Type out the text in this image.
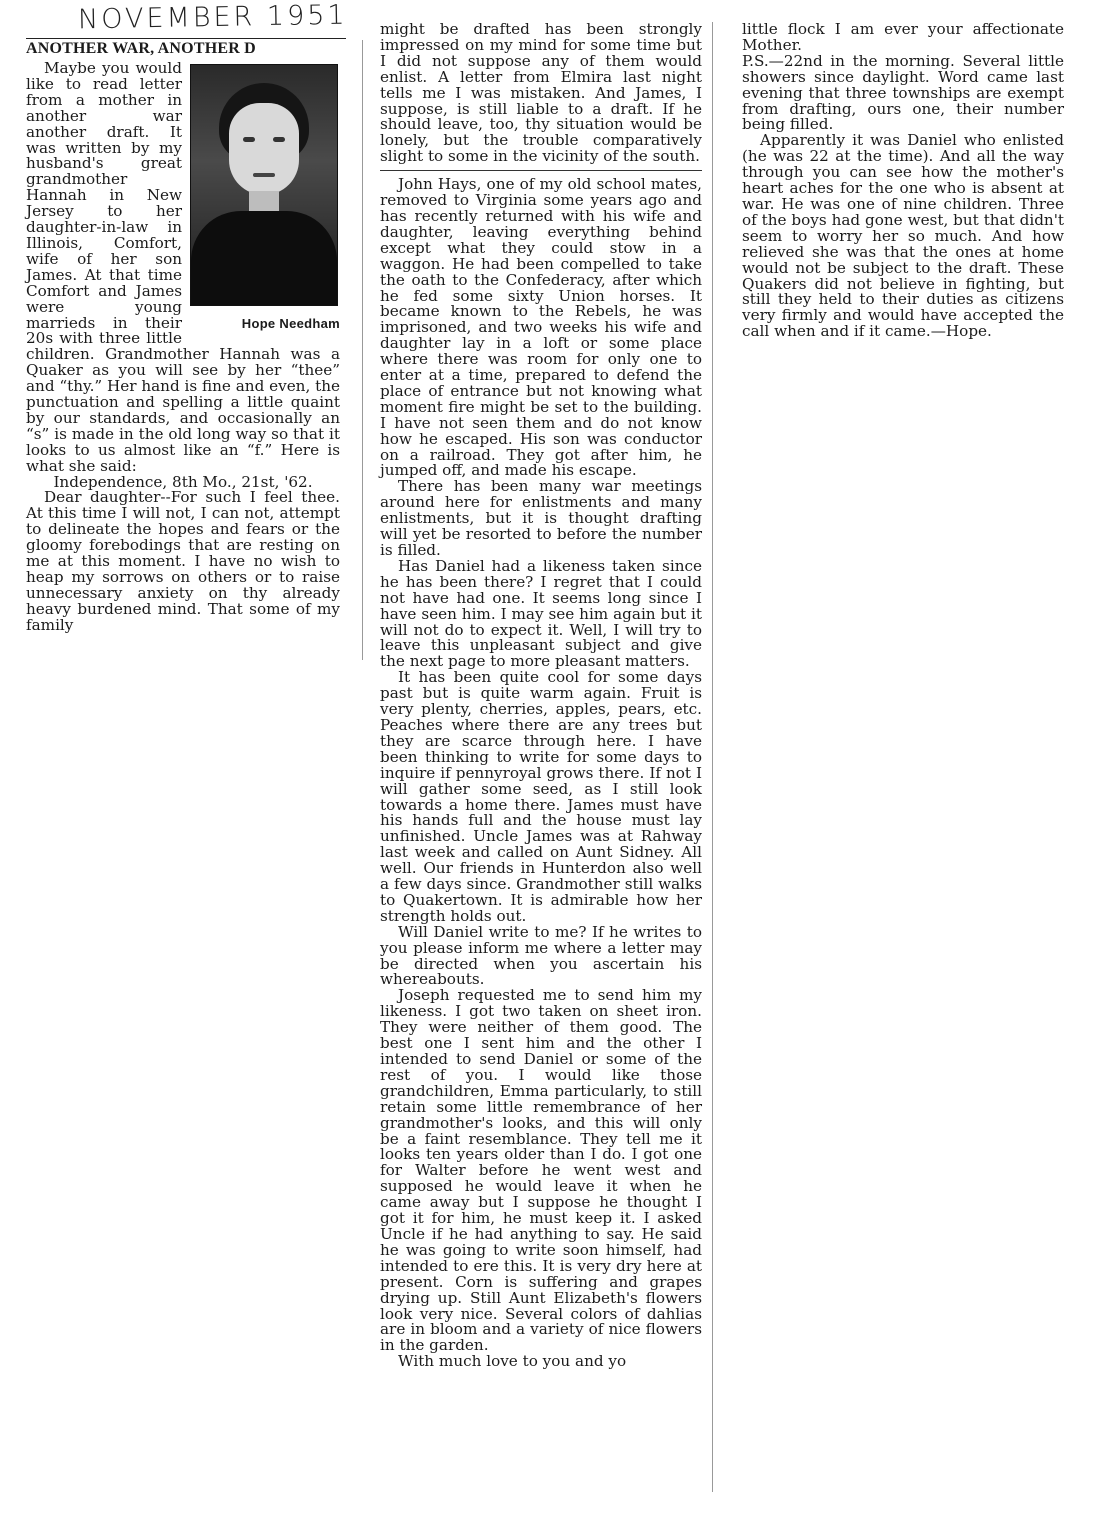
NOVEMBER 1951
ANOTHER WAR, ANOTHER D
Hope Needham

Maybe you would like to read letter from a mother in another war another draft. It was written by my husband's great grandmother Hannah in New Jersey to her daughter-in-law in Illinois, Comfort, wife of her son James. At that time Comfort and James were young marrieds in their 20s with three little children. Grandmother Hannah was a Quaker as you will see by her “thee” and “thy.” Her hand is fine and even, the punctuation and spelling a little quaint by our standards, and occasionally an “s” is made in the old long way so that it looks to us almost like an “f.” Here is what she said:

Independence, 8th Mo., 21st, '62.

Dear daughter--For such I feel thee. At this time I will not, I can not, attempt to delineate the hopes and fears or the gloomy forebodings that are resting on me at this moment. I have no wish to heap my sorrows on others or to raise unnecessary anxiety on thy already heavy burdened mind. That some of my family

might be drafted has been strongly impressed on my mind for some time but I did not suppose any of them would enlist. A letter from Elmira last night tells me I was mistaken. And James, I suppose, is still liable to a draft. If he should leave, too, thy situation would be lonely, but the trouble comparatively slight to some in the vicinity of the south.

John Hays, one of my old school mates, removed to Virginia some years ago and has recently returned with his wife and daughter, leaving everything behind except what they could stow in a waggon. He had been compelled to take the oath to the Confederacy, after which he fed some sixty Union horses. It became known to the Rebels, he was imprisoned, and two weeks his wife and daughter lay in a loft or some place where there was room for only one to enter at a time, prepared to defend the place of entrance but not knowing what moment fire might be set to the building. I have not seen them and do not know how he escaped. His son was conductor on a railroad. They got after him, he jumped off, and made his escape.

There has been many war meetings around here for enlistments and many enlistments, but it is thought drafting will yet be resorted to before the number is filled.

Has Daniel had a likeness taken since he has been there? I regret that I could not have had one. It seems long since I have seen him. I may see him again but it will not do to expect it. Well, I will try to leave this unpleasant subject and give the next page to more pleasant matters.

It has been quite cool for some days past but is quite warm again. Fruit is very plenty, cherries, apples, pears, etc. Peaches where there are any trees but they are scarce through here. I have been thinking to write for some days to inquire if pennyroyal grows there. If not I will gather some seed, as I still look towards a home there. James must have his hands full and the house must lay unfinished. Uncle James was at Rahway last week and called on Aunt Sidney. All well. Our friends in Hunterdon also well a few days since. Grandmother still walks to Quakertown. It is admirable how her strength holds out.

Will Daniel write to me? If he writes to you please inform me where a letter may be directed when you ascertain his whereabouts.

Joseph requested me to send him my likeness. I got two taken on sheet iron. They were neither of them good. The best one I sent him and the other I intended to send Daniel or some of the rest of you. I would like those grandchildren, Emma particularly, to still retain some little remembrance of her grandmother's looks, and this will only be a faint resemblance. They tell me it looks ten years older than I do. I got one for Walter before he went west and supposed he would leave it when he came away but I suppose he thought I got it for him, he must keep it. I asked Uncle if he had anything to say. He said he was going to write soon himself, had intended to ere this. It is very dry here at present. Corn is suffering and grapes drying up. Still Aunt Elizabeth's flowers look very nice. Several colors of dahlias are in bloom and a variety of nice flowers in the garden.

With much love to you and yo

little flock I am ever your affectionate Mother.

P.S.—22nd in the morning. Several little showers since daylight. Word came last evening that three townships are exempt from drafting, ours one, their number being filled.

Apparently it was Daniel who enlisted (he was 22 at the time). And all the way through you can see how the mother's heart aches for the one who is absent at war. He was one of nine children. Three of the boys had gone west, but that didn't seem to worry her so much. And how relieved she was that the ones at home would not be subject to the draft. These Quakers did not believe in fighting, but still they held to their duties as citizens very firmly and would have accepted the call when and if it came.—Hope.
